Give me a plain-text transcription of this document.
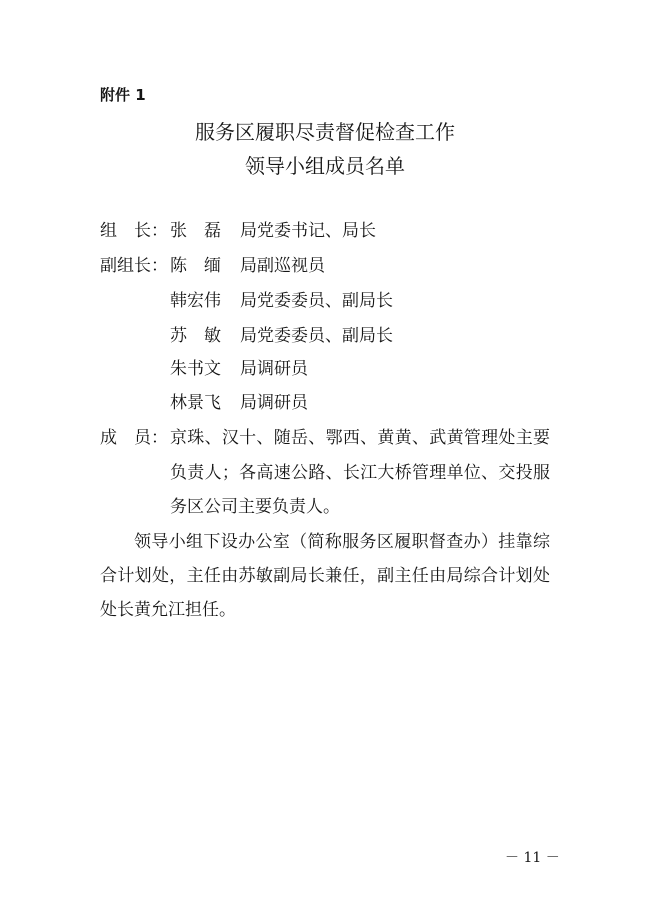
附件 1
服务区履职尽责督促检查工作
领导小组成员名单
组　长： 张　磊	局党委书记、局长
副组长： 陈　缅	局副巡视员
韩宏伟	局党委委员、副局长
苏　敏	局党委委员、副局长
朱书文	局调研员
林景飞	局调研员
成　员： 京珠、汉十、随岳、鄂西、黄黄、武黄管理处主要
负责人；各高速公路、长江大桥管理单位、交投服
务区公司主要负责人。
领导小组下设办公室（简称服务区履职督查办）挂靠综
合计划处，主任由苏敏副局长兼任，副主任由局综合计划处
处长黄允江担任。
－ 11 －
